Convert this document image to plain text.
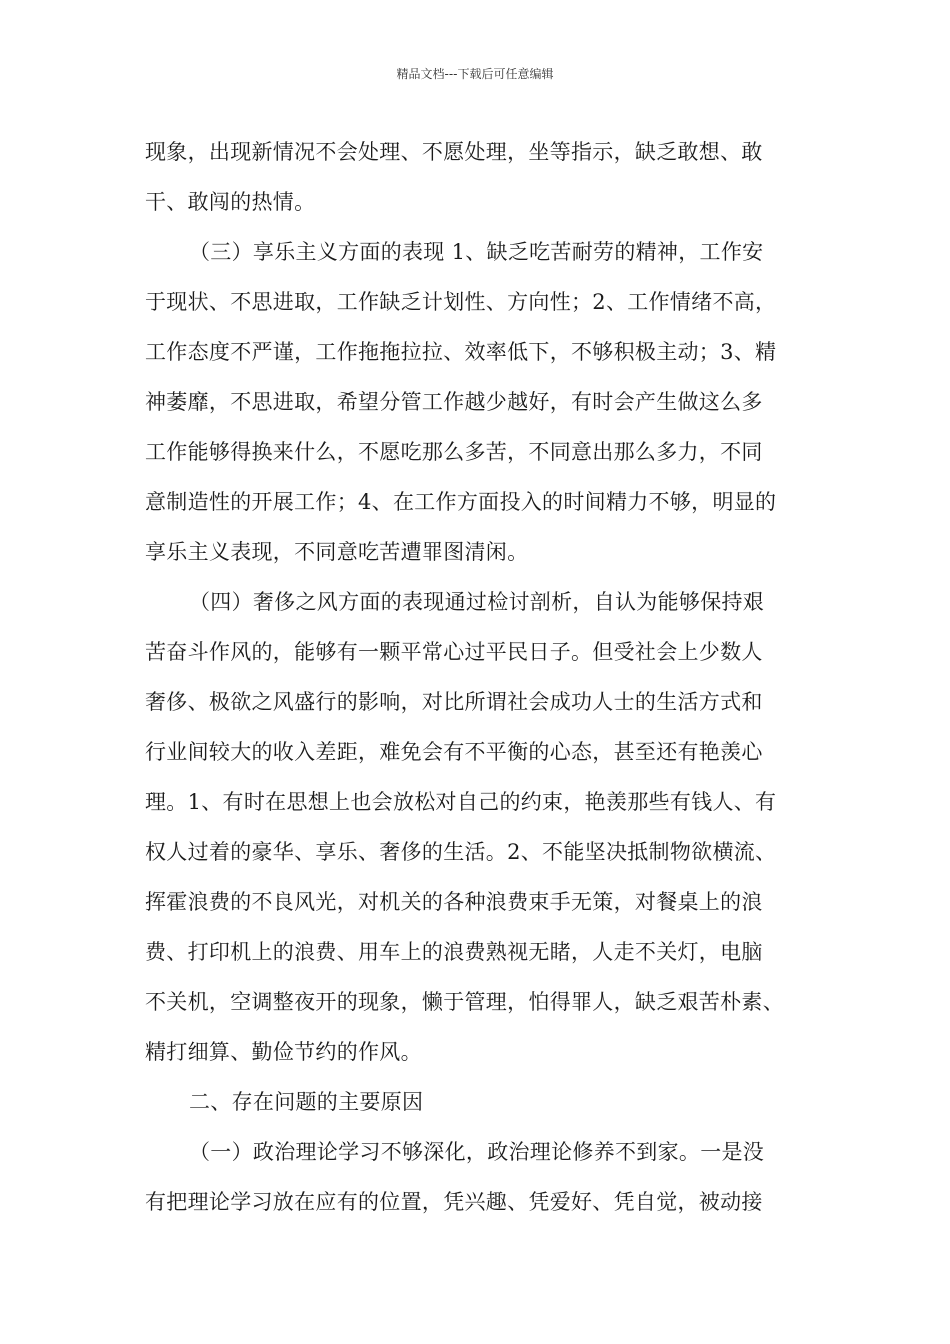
精品文档---下载后可任意编辑
现象，出现新情况不会处理、不愿处理，坐等指示，缺乏敢想、敢
干、敢闯的热情。
（三）享乐主义方面的表现 1、缺乏吃苦耐劳的精神，工作安
于现状、不思进取，工作缺乏计划性、方向性；2、工作情绪不高，
工作态度不严谨，工作拖拖拉拉、效率低下，不够积极主动；3、精
神萎靡，不思进取，希望分管工作越少越好，有时会产生做这么多
工作能够得换来什么，不愿吃那么多苦，不同意出那么多力，不同
意制造性的开展工作；4、在工作方面投入的时间精力不够，明显的
享乐主义表现，不同意吃苦遭罪图清闲。
（四）奢侈之风方面的表现通过检讨剖析，自认为能够保持艰
苦奋斗作风的，能够有一颗平常心过平民日子。但受社会上少数人
奢侈、极欲之风盛行的影响，对比所谓社会成功人士的生活方式和
行业间较大的收入差距，难免会有不平衡的心态，甚至还有艳羡心
理。1、有时在思想上也会放松对自己的约束，艳羡那些有钱人、有
权人过着的豪华、享乐、奢侈的生活。2、不能坚决抵制物欲横流、
挥霍浪费的不良风光，对机关的各种浪费束手无策，对餐桌上的浪
费、打印机上的浪费、用车上的浪费熟视无睹，人走不关灯，电脑
不关机，空调整夜开的现象，懒于管理，怕得罪人，缺乏艰苦朴素、
精打细算、勤俭节约的作风。
二、存在问题的主要原因
（一）政治理论学习不够深化，政治理论修养不到家。一是没
有把理论学习放在应有的位置，凭兴趣、凭爱好、凭自觉，被动接
